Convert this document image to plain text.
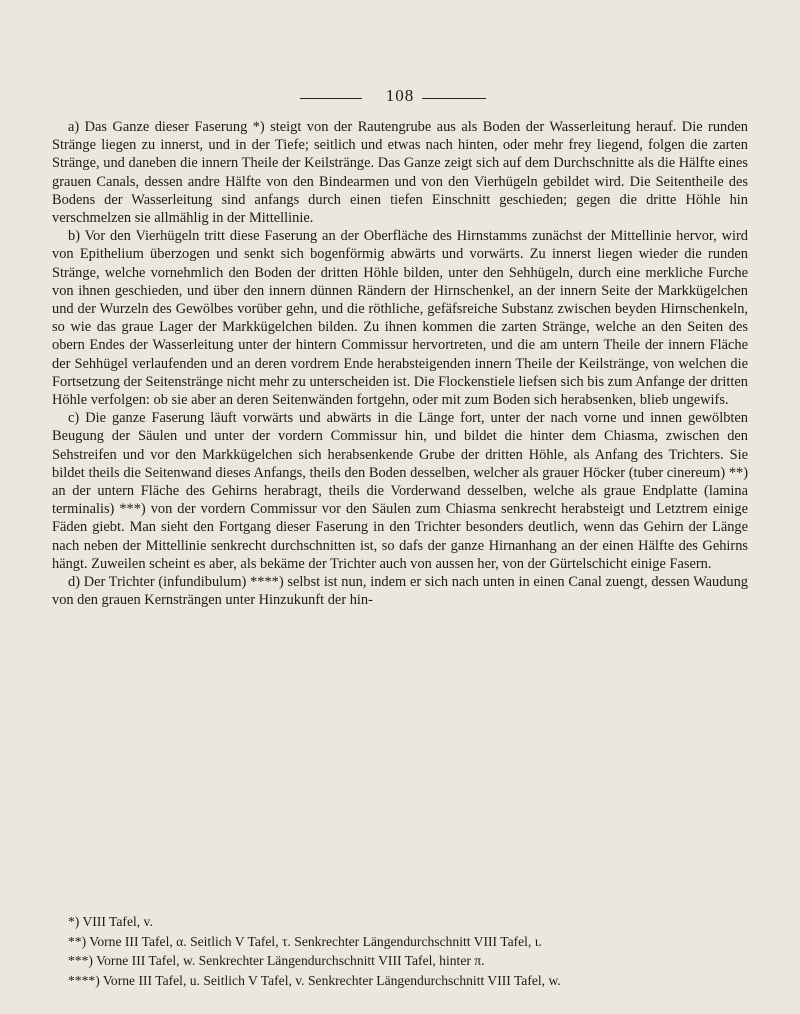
108

a) Das Ganze dieser Faserung *) steigt von der Rautengrube aus als Boden der Wasserleitung herauf. Die runden Stränge liegen zu innerst, und in der Tiefe; seitlich und etwas nach hinten, oder mehr frey liegend, folgen die zarten Stränge, und daneben die innern Theile der Keilstränge. Das Ganze zeigt sich auf dem Durchschnitte als die Hälfte eines grauen Canals, dessen andre Hälfte von den Bindearmen und von den Vierhügeln gebildet wird. Die Seitentheile des Bodens der Wasserleitung sind anfangs durch einen tiefen Einschnitt geschieden; gegen die dritte Höhle hin verschmelzen sie allmählig in der Mittellinie.

b) Vor den Vierhügeln tritt diese Faserung an der Oberfläche des Hirnstamms zunächst der Mittellinie hervor, wird von Epithelium überzogen und senkt sich bogenförmig abwärts und vorwärts. Zu innerst liegen wieder die runden Stränge, welche vornehmlich den Boden der dritten Höhle bilden, unter den Sehhügeln, durch eine merkliche Furche von ihnen geschieden, und über den innern dünnen Rändern der Hirnschenkel, an der innern Seite der Markkügelchen und der Wurzeln des Gewölbes vorüber gehn, und die röthliche, gefäfsreiche Substanz zwischen beyden Hirnschenkeln, so wie das graue Lager der Markkügelchen bilden. Zu ihnen kommen die zarten Stränge, welche an den Seiten des obern Endes der Wasserleitung unter der hintern Commissur hervortreten, und die am untern Theile der innern Fläche der Sehhügel verlaufenden und an deren vordrem Ende herabsteigenden innern Theile der Keilstränge, von welchen die Fortsetzung der Seitenstränge nicht mehr zu unterscheiden ist. Die Flockenstiele liefsen sich bis zum Anfange der dritten Höhle verfolgen: ob sie aber an deren Seitenwänden fortgehn, oder mit zum Boden sich herabsenken, blieb ungewifs.

c) Die ganze Faserung läuft vorwärts und abwärts in die Länge fort, unter der nach vorne und innen gewölbten Beugung der Säulen und unter der vordern Commissur hin, und bildet die hinter dem Chiasma, zwischen den Sehstreifen und vor den Markkügelchen sich herabsenkende Grube der dritten Höhle, als Anfang des Trichters. Sie bildet theils die Seitenwand dieses Anfangs, theils den Boden desselben, welcher als grauer Höcker (tuber cinereum) **) an der untern Fläche des Gehirns herabragt, theils die Vorderwand desselben, welche als graue Endplatte (lamina terminalis) ***) von der vordern Commissur vor den Säulen zum Chiasma senkrecht herabsteigt und Letztrem einige Fäden giebt. Man sieht den Fortgang dieser Faserung in den Trichter besonders deutlich, wenn das Gehirn der Länge nach neben der Mittellinie senkrecht durchschnitten ist, so dafs der ganze Hirnanhang an der einen Hälfte des Gehirns hängt. Zuweilen scheint es aber, als bekäme der Trichter auch von aussen her, von der Gürtelschicht einige Fasern.

d) Der Trichter (infundibulum) ****) selbst ist nun, indem er sich nach unten in einen Canal zuengt, dessen Waudung von den grauen Kernsträngen unter Hinzukunft der hin-

*) VIII Tafel, v.

**) Vorne III Tafel, α. Seitlich V Tafel, τ. Senkrechter Längendurchschnitt VIII Tafel, ι.

***) Vorne III Tafel, w. Senkrechter Längendurchschnitt VIII Tafel, hinter π.

****) Vorne III Tafel, u. Seitlich V Tafel, v. Senkrechter Längendurchschnitt VIII Tafel, w.
